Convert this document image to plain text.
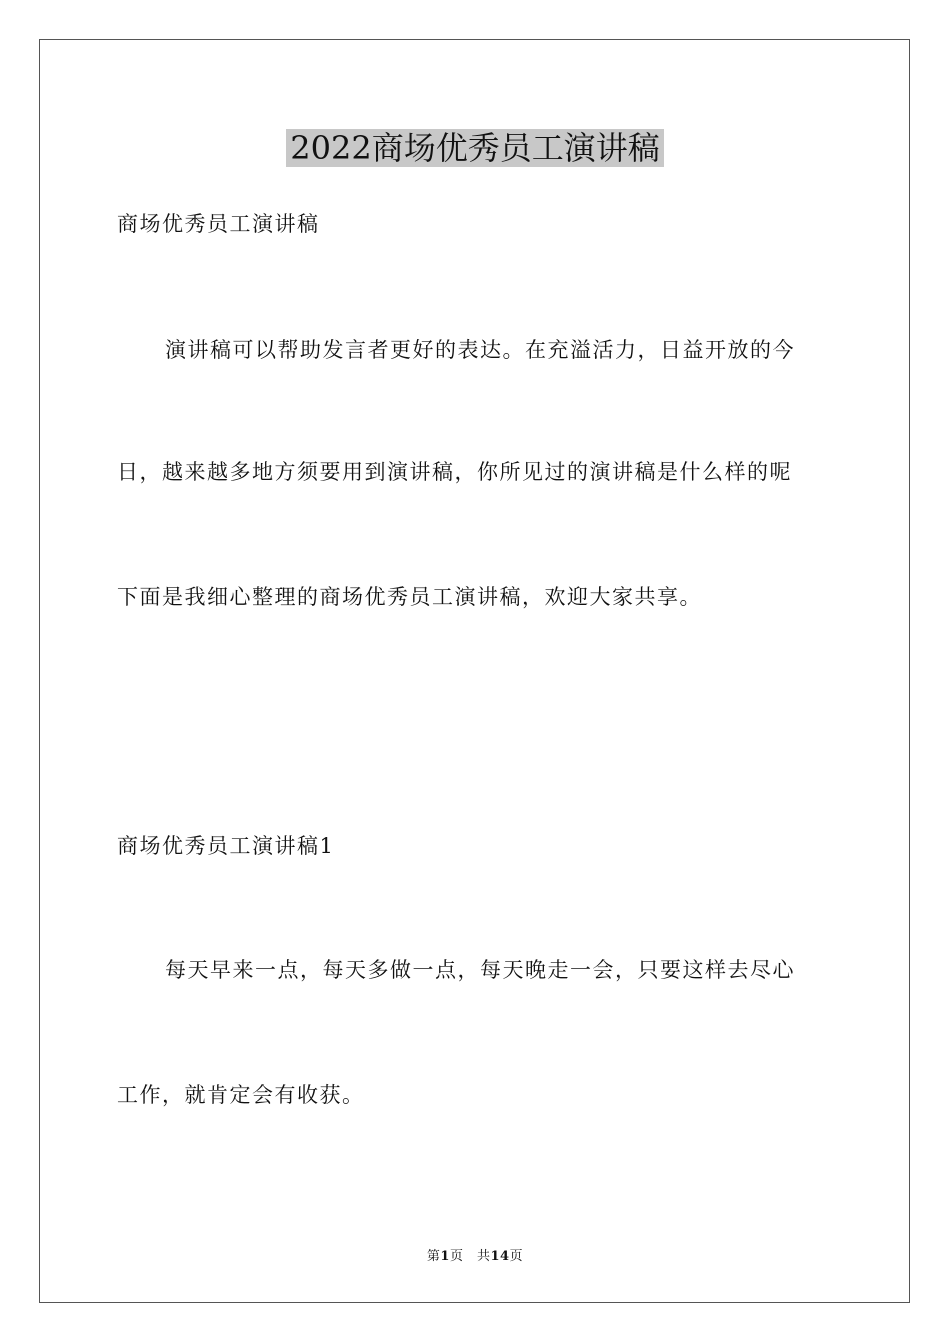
2022商场优秀员工演讲稿

商场优秀员工演讲稿

演讲稿可以帮助发言者更好的表达。在充溢活力，日益开放的今

日，越来越多地方须要用到演讲稿，你所见过的演讲稿是什么样的呢

下面是我细心整理的商场优秀员工演讲稿，欢迎大家共享。

商场优秀员工演讲稿1

每天早来一点，每天多做一点，每天晚走一会，只要这样去尽心

工作，就肯定会有收获。

第1页　共14页
